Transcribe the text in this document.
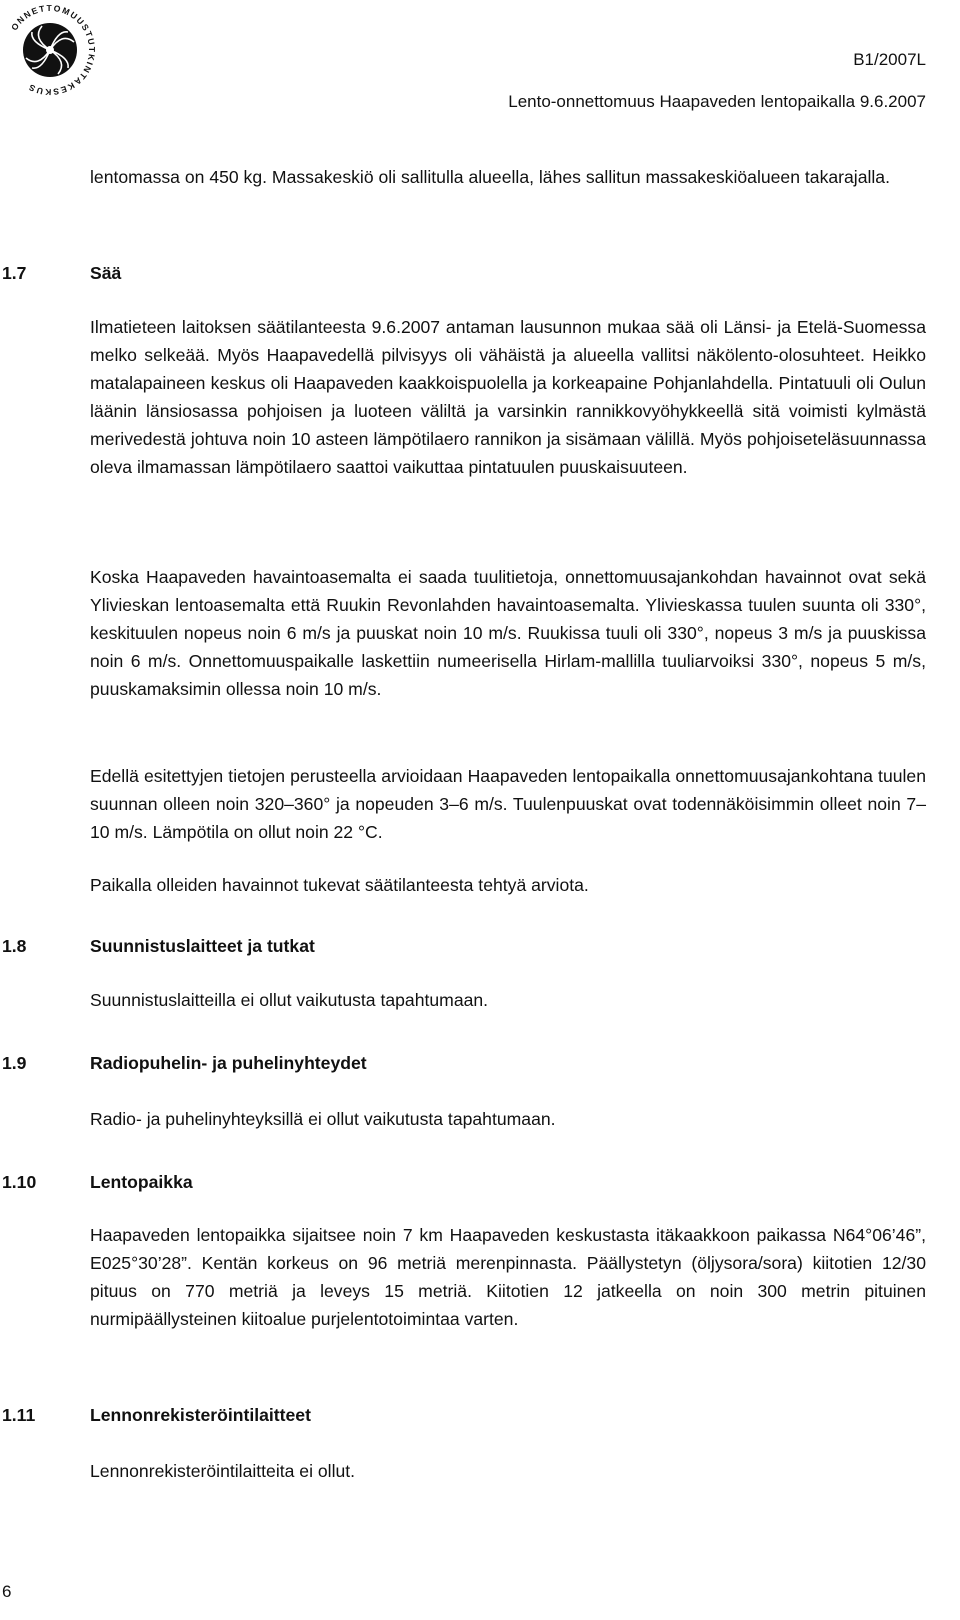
ONNETTOMUUSTUTKINTAKESKUS
B1/2007L
Lento-onnettomuus Haapaveden lentopaikalla 9.6.2007
lentomassa on 450 kg. Massakeskiö oli sallitulla alueella, lähes sallitun massakeskiöalueen takarajalla.
1.7	Sää
Ilmatieteen laitoksen säätilanteesta 9.6.2007 antaman lausunnon mukaa sää oli Länsi- ja Etelä-Suomessa melko selkeää. Myös Haapavedellä pilvisyys oli vähäistä ja alueella vallitsi näkölento-olosuhteet. Heikko matalapaineen keskus oli Haapaveden kaakkoispuolella ja korkeapaine Pohjanlahdella. Pintatuuli oli Oulun läänin länsiosassa pohjoisen ja luoteen väliltä ja varsinkin rannikkovyöhykkeellä sitä voimisti kylmästä merivedestä johtuva noin 10 asteen lämpötilaero rannikon ja sisämaan välillä. Myös pohjoiseteläsuunnassa oleva ilmamassan lämpötilaero saattoi vaikuttaa pintatuulen puuskaisuuteen.
Koska Haapaveden havaintoasemalta ei saada tuulitietoja, onnettomuusajankohdan havainnot ovat sekä Ylivieskan lentoasemalta että Ruukin Revonlahden havaintoasemalta. Ylivieskassa tuulen suunta oli 330°, keskituulen nopeus noin 6 m/s ja puuskat noin 10 m/s. Ruukissa tuuli oli 330°, nopeus 3 m/s ja puuskissa noin 6 m/s. Onnettomuuspaikalle laskettiin numeerisella Hirlam-mallilla tuuliarvoiksi 330°, nopeus 5 m/s, puuskamaksimin ollessa noin 10 m/s.
Edellä esitettyjen tietojen perusteella arvioidaan Haapaveden lentopaikalla onnettomuusajankohtana tuulen suunnan olleen noin 320–360° ja nopeuden 3–6 m/s. Tuulenpuuskat ovat todennäköisimmin olleet noin 7–10 m/s. Lämpötila on ollut noin 22 °C.
Paikalla olleiden havainnot tukevat säätilanteesta tehtyä arviota.
1.8	Suunnistuslaitteet ja tutkat
Suunnistuslaitteilla ei ollut vaikutusta tapahtumaan.
1.9	Radiopuhelin- ja puhelinyhteydet
Radio- ja puhelinyhteyksillä ei ollut vaikutusta tapahtumaan.
1.10	Lentopaikka
Haapaveden lentopaikka sijaitsee noin 7 km Haapaveden keskustasta itäkaakkoon paikassa N64°06’46”, E025°30’28”. Kentän korkeus on 96 metriä merenpinnasta. Päällystetyn (öljysora/sora) kiitotien 12/30 pituus on 770 metriä ja leveys 15 metriä. Kiitotien 12 jatkeella on noin 300 metrin pituinen nurmipäällysteinen kiitoalue purjelentotoimintaa varten.
1.11	Lennonrekisteröintilaitteet
Lennonrekisteröintilaitteita ei ollut.
6
